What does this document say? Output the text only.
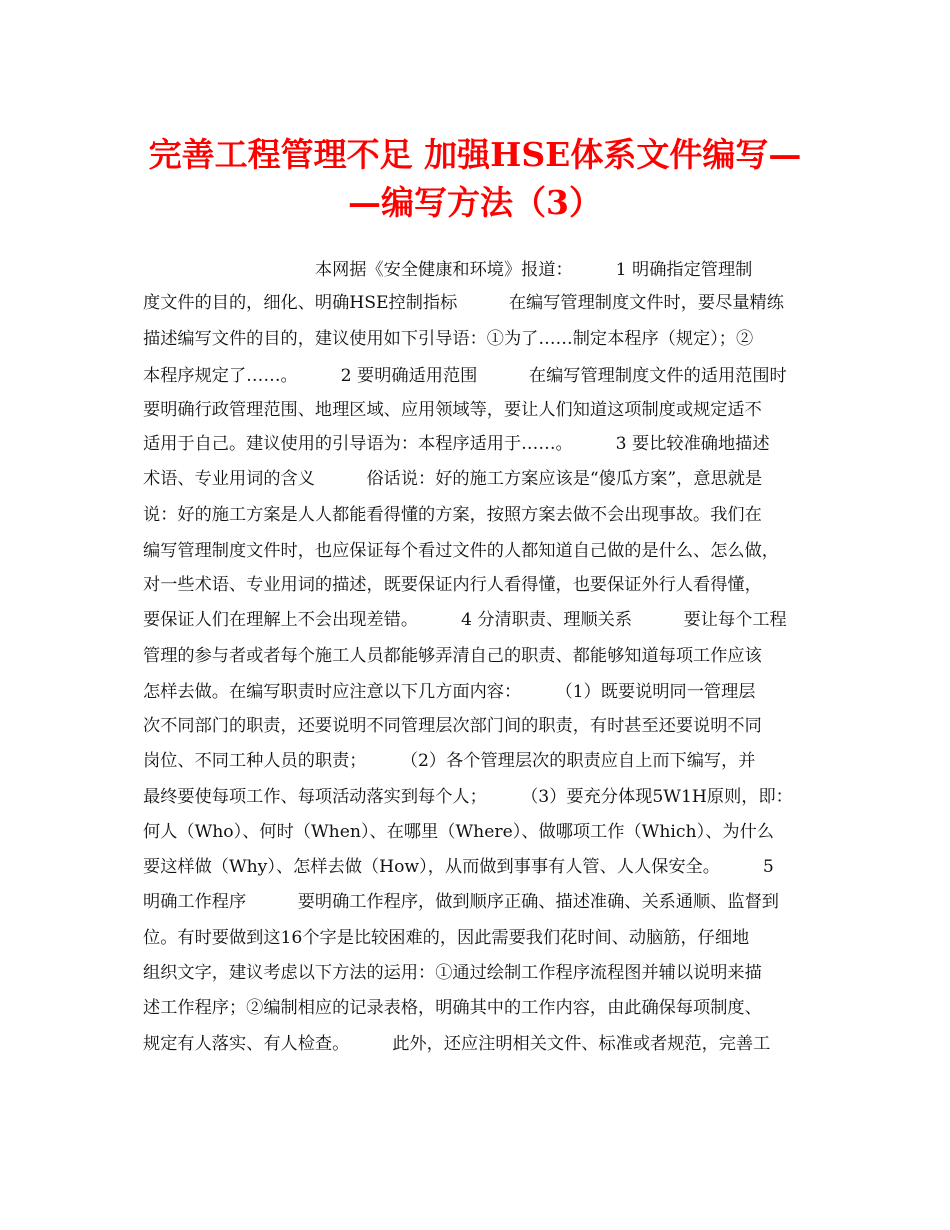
完善工程管理不足 加强HSE体系文件编写—
—编写方法（3）

　　　　　　　　　　本网据《安全健康和环境》报道：　　　1 明确指定管理制

度文件的目的，细化、明确HSE控制指标　　　在编写管理制度文件时，要尽量精练

描述编写文件的目的，建议使用如下引导语：①为了……制定本程序（规定）；②

本程序规定了……。　　　2 要明确适用范围　　　在编写管理制度文件的适用范围时

要明确行政管理范围、地理区域、应用领域等，要让人们知道这项制度或规定适不

适用于自己。建议使用的引导语为：本程序适用于……。　　　3 要比较准确地描述

术语、专业用词的含义　　　俗话说：好的施工方案应该是“傻瓜方案”，意思就是

说：好的施工方案是人人都能看得懂的方案，按照方案去做不会出现事故。我们在

编写管理制度文件时，也应保证每个看过文件的人都知道自己做的是什么、怎么做，

对一些术语、专业用词的描述，既要保证内行人看得懂，也要保证外行人看得懂，

要保证人们在理解上不会出现差错。　　　4 分清职责、理顺关系　　　要让每个工程

管理的参与者或者每个施工人员都能够弄清自己的职责、都能够知道每项工作应该

怎样去做。在编写职责时应注意以下几方面内容：　　　（1）既要说明同一管理层

次不同部门的职责，还要说明不同管理层次部门间的职责，有时甚至还要说明不同

岗位、不同工种人员的职责；　　　（2）各个管理层次的职责应自上而下编写，并

最终要使每项工作、每项活动落实到每个人；　　　（3）要充分体现5W1H原则，即：

何人（Who）、何时（When）、在哪里（Where）、做哪项工作（Which）、为什么

要这样做（Why）、怎样去做（How），从而做到事事有人管、人人保安全。　　　5

明确工作程序　　　要明确工作程序，做到顺序正确、描述准确、关系通顺、监督到

位。有时要做到这16个字是比较困难的，因此需要我们花时间、动脑筋，仔细地

组织文字，建议考虑以下方法的运用：①通过绘制工作程序流程图并辅以说明来描

述工作程序；②编制相应的记录表格，明确其中的工作内容，由此确保每项制度、

规定有人落实、有人检查。　　　此外，还应注明相关文件、标准或者规范，完善工
